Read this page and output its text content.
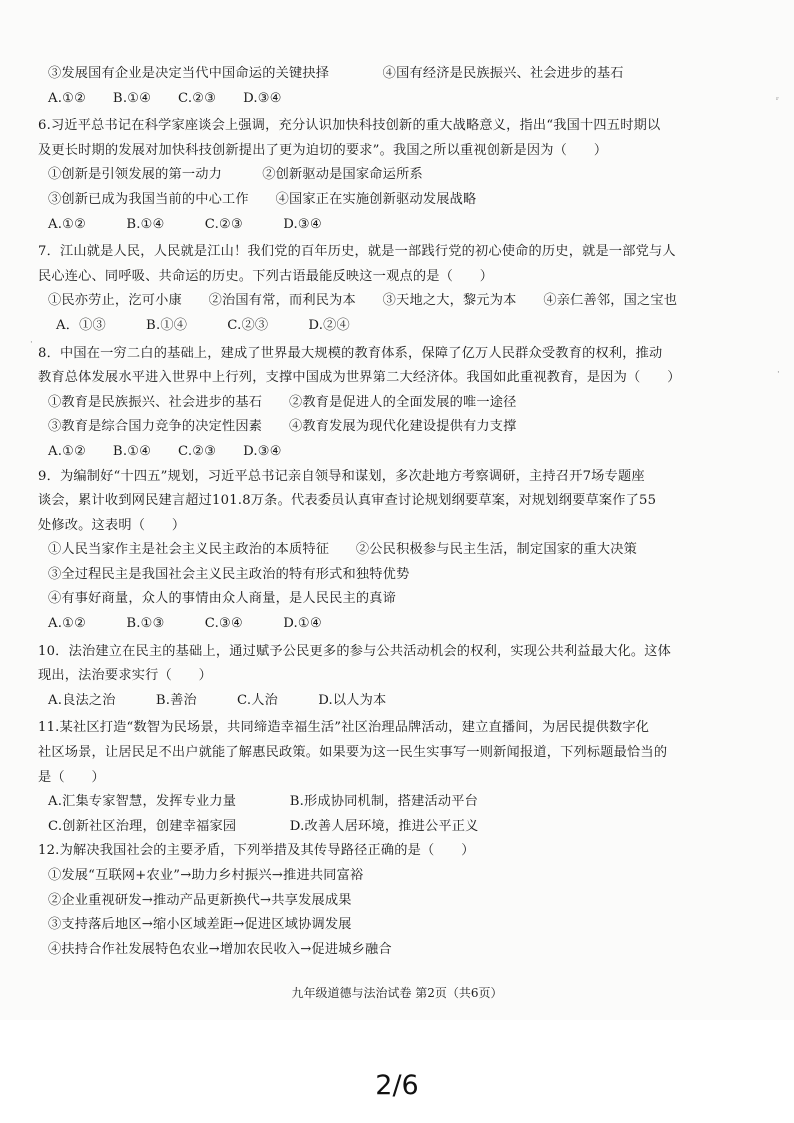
③发展国有企业是决定当代中国命运的关键抉择　　　　④国有经济是民族振兴、社会进步的基石
A.①②　　B.①④　　C.②③　　D.③④
6.习近平总书记在科学家座谈会上强调，充分认识加快科技创新的重大战略意义，指出“我国十四五时期以
及更长时期的发展对加快科技创新提出了更为迫切的要求”。我国之所以重视创新是因为（　　）
①创新是引领发展的第一动力　　　②创新驱动是国家命运所系
③创新已成为我国当前的中心工作　　④国家正在实施创新驱动发展战略
A.①②　　　B.①④　　　C.②③　　　D.③④
7．江山就是人民，人民就是江山！我们党的百年历史，就是一部践行党的初心使命的历史，就是一部党与人
民心连心、同呼吸、共命运的历史。下列古语最能反映这一观点的是（　　）
①民亦劳止，汔可小康　　②治国有常，而利民为本　　③天地之大，黎元为本　　④亲仁善邻，国之宝也
A．①③　　　B.①④　　　C.②③　　　D.②④
8．中国在一穷二白的基础上，建成了世界最大规模的教育体系，保障了亿万人民群众受教育的权利，推动
教育总体发展水平进入世界中上行列，支撑中国成为世界第二大经济体。我国如此重视教育，是因为（　　）
①教育是民族振兴、社会进步的基石　　②教育是促进人的全面发展的唯一途径
③教育是综合国力竞争的决定性因素　　④教育发展为现代化建设提供有力支撑
A.①②　　B.①④　　C.②③　　D.③④
9．为编制好“十四五”规划，习近平总书记亲自领导和谋划，多次赴地方考察调研，主持召开7场专题座
谈会，累计收到网民建言超过101.8万条。代表委员认真审查讨论规划纲要草案，对规划纲要草案作了55
处修改。这表明（　　）
①人民当家作主是社会主义民主政治的本质特征　　②公民积极参与民主生活，制定国家的重大决策
③全过程民主是我国社会主义民主政治的特有形式和独特优势
④有事好商量，众人的事情由众人商量，是人民民主的真谛
A.①②　　　B.①③　　　C.③④　　　D.①④
10．法治建立在民主的基础上，通过赋予公民更多的参与公共活动机会的权利，实现公共利益最大化。这体
现出，法治要求实行（　　）
A.良法之治　　　B.善治　　　C.人治　　　D.以人为本
11.某社区打造“数智为民场景，共同缔造幸福生活”社区治理品牌活动，建立直播间，为居民提供数字化
社区场景，让居民足不出户就能了解惠民政策。如果要为这一民生实事写一则新闻报道，下列标题最恰当的
是（　　）
A.汇集专家智慧，发挥专业力量　　　　B.形成协同机制，搭建活动平台
C.创新社区治理，创建幸福家园　　　　D.改善人居环境，推进公平正义
12.为解决我国社会的主要矛盾，下列举措及其传导路径正确的是（　　）
①发展“互联网+农业”→助力乡村振兴→推进共同富裕
②企业重视研发→推动产品更新换代→共享发展成果
③支持落后地区→缩小区域差距→促进区域协调发展
④扶持合作社发展特色农业→增加农民收入→促进城乡融合
ʳ
·
·
九年级道德与法治试卷 第2页（共6页）
2/6
